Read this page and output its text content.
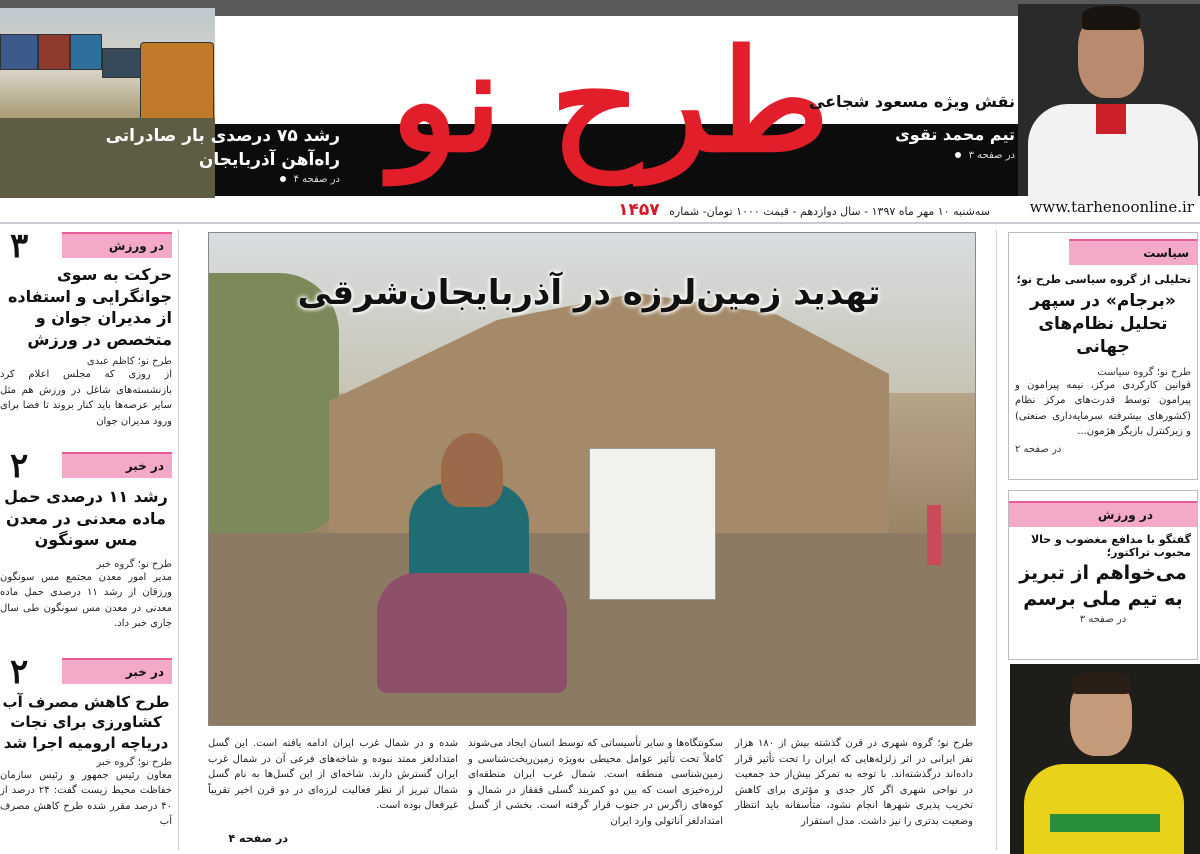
رشد ۷۵ درصدی بار صادراتی
راه‌آهن آذربایجان
در صفحه ۴ طرح نو
نقش ویژه مسعود شجاعی
تیم محمد تقوی
در صفحه ۳
www.tarhenoonline.ir
سه‌شنبه ۱۰ مهر ماه ۱۳۹۷ - سال دوازدهم - قیمت ۱۰۰۰ تومان- شماره ۱۴۵۷
در ورزش
۳
حرکت به سوی جوانگرایی و استفاده از مدیران جوان و متخصص در ورزش
طرح نو؛ کاظم عبدی
از روزی که مجلس اعلام کرد بازنشسته‌های شاغل در ورزش هم مثل سایر عرصه‌ها باید کنار بروند تا فضا برای ورود مدیران جوان
در خبر
۲
رشد ۱۱ درصدی حمل ماده معدنی در معدن مس سونگون
طرح نو؛ گروه خبر
مدیر امور معدن مجتمع مس سونگون ورزقان از رشد ۱۱ درصدی حمل ماده معدنی در معدن مس سونگون طی سال جاری خبر داد.
در خبر
۲
طرح کاهش مصرف آب کشاورزی برای نجات دریاچه ارومیه اجرا شد
طرح نو؛ گروه خبر
معاون رئیس جمهور و رئیس سازمان حفاظت محیط زیست گفت: ۲۴ درصد از ۴۰ درصد مقرر شده طرح کاهش مصرف آب
تهدید زمین‌لرزه در آذربایجان‌شرقی
طرح نو؛ گروه شهری در قرن گذشته بیش از ۱۸۰ هزار نفر ایرانی در اثر زلزله‌هایی که ایران را تحت تأثیر قرار داده‌اند درگذشته‌اند. با توجه به تمرکز بیش‌از حد جمعیت در نواحی شهری اگر کار جدی و مؤثری برای کاهش تخریب پذیری شهرها انجام نشود، متأسفانه باید انتظار وضعیت بدتری را نیز داشت. مدل استقرار
سکونتگاه‌ها و سایر تأسیساتی که توسط انسان ایجاد می‌شوند کاملاً تحت تأثیر عوامل محیطی به‌ویژه زمین‌ریخت‌شناسی و زمین‌شناسی منطقه است. شمال غرب ایران منطقه‌ای لرزه‌خیزی است که بین دو کمربند گسلی قفقاز در شمال و کوه‌های زاگرس در جنوب قرار گرفته است. بخشی از گسل امتدادلغز آناتولی وارد ایران
شده و در شمال غرب ایران ادامه یافته است. این گسل امتدادلغز ممتد نبوده و شاخه‌های فرعی آن در شمال غرب ایران گسترش دارند. شاخه‌ای از این گسل‌ها به نام گسل شمال تبریز از نظر فعالیت لرزه‌ای در دو قرن اخیر تقریباً غیرفعال بوده است.
در صفحه ۴
سیاست
تحلیلی از گروه سیاسی طرح نو؛
«برجام» در سپهر تحلیل نظام‌های جهانی
طرح نو؛ گروه سیاست
قوانین کارکردی مرکز، نیمه پیرامون و پیرامون توسط قدرت‌های مرکز نظام (کشورهای بیشرفته سرمایه‌داری صنعتی) و زیرکنترل بازیگر هژمون...
در صفحه ۲
در ورزش
گفتگو با مدافع مغضوب و حالا محبوب تراکتور؛
می‌خواهم از تبریز به تیم ملی برسم
در صفحه ۳
